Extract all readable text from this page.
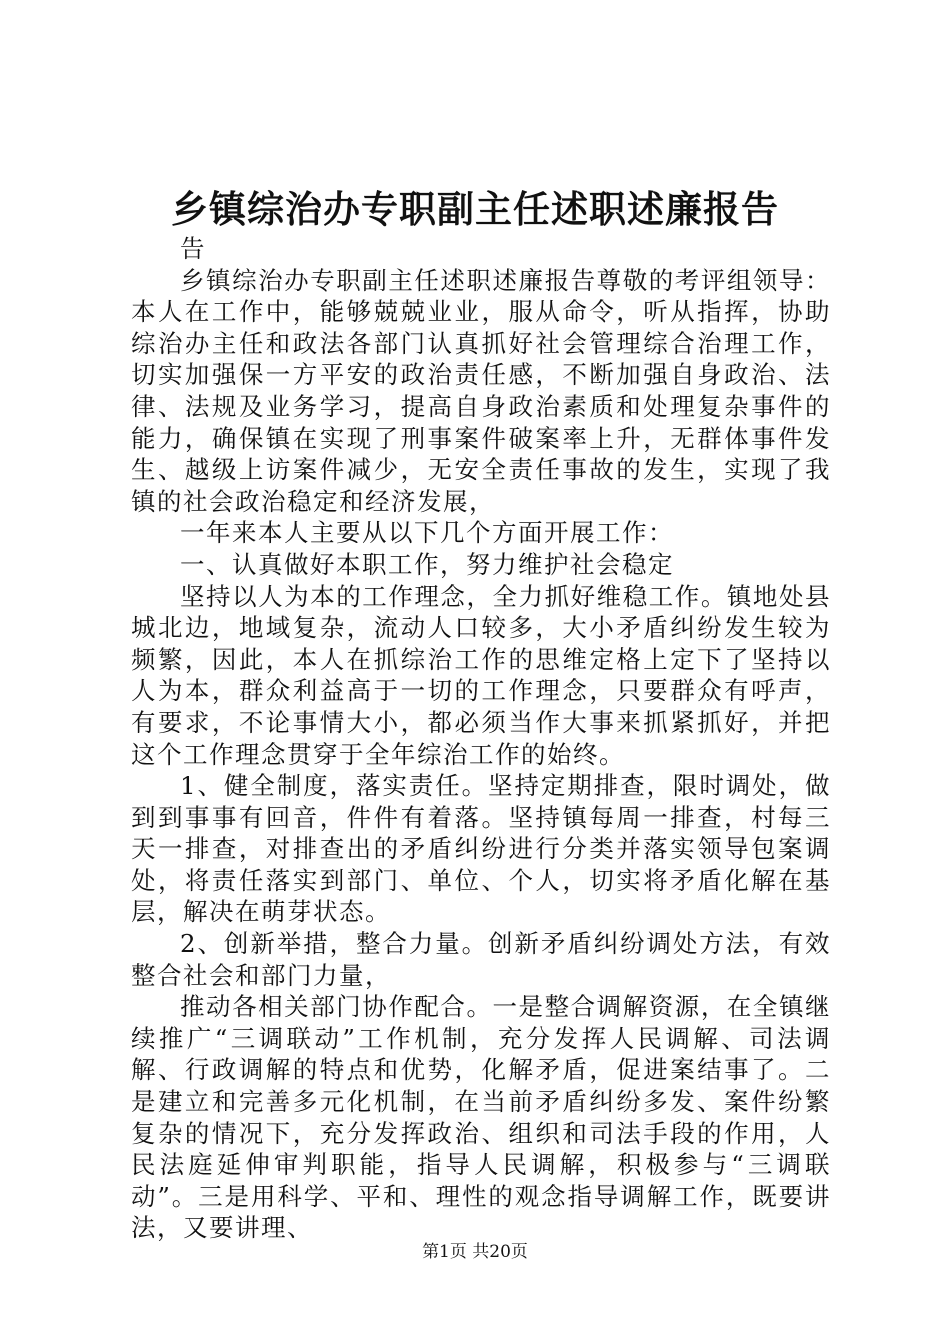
乡镇综治办专职副主任述职述廉报告

告

乡镇综治办专职副主任述职述廉报告尊敬的考评组领导：本人在工作中，能够兢兢业业，服从命令，听从指挥，协助综治办主任和政法各部门认真抓好社会管理综合治理工作，切实加强保一方平安的政治责任感，不断加强自身政治、法律、法规及业务学习，提高自身政治素质和处理复杂事件的能力，确保镇在实现了刑事案件破案率上升，无群体事件发生、越级上访案件减少，无安全责任事故的发生，实现了我镇的社会政治稳定和经济发展，

一年来本人主要从以下几个方面开展工作：

一、认真做好本职工作，努力维护社会稳定

坚持以人为本的工作理念，全力抓好维稳工作。镇地处县城北边，地域复杂，流动人口较多，大小矛盾纠纷发生较为频繁，因此，本人在抓综治工作的思维定格上定下了坚持以人为本，群众利益高于一切的工作理念，只要群众有呼声，有要求，不论事情大小，都必须当作大事来抓紧抓好，并把这个工作理念贯穿于全年综治工作的始终。

1、健全制度，落实责任。坚持定期排查，限时调处，做到到事事有回音，件件有着落。坚持镇每周一排查，村每三天一排查，对排查出的矛盾纠纷进行分类并落实领导包案调处，将责任落实到部门、单位、个人，切实将矛盾化解在基层，解决在萌芽状态。

2、创新举措，整合力量。创新矛盾纠纷调处方法，有效整合社会和部门力量，

推动各相关部门协作配合。一是整合调解资源，在全镇继续推广“三调联动”工作机制，充分发挥人民调解、司法调解、行政调解的特点和优势，化解矛盾，促进案结事了。二是建立和完善多元化机制，在当前矛盾纠纷多发、案件纷繁复杂的情况下，充分发挥政治、组织和司法手段的作用，人民法庭延伸审判职能，指导人民调解，积极参与“三调联动”。三是用科学、平和、理性的观念指导调解工作，既要讲法，又要讲理、

第1页 共20页
